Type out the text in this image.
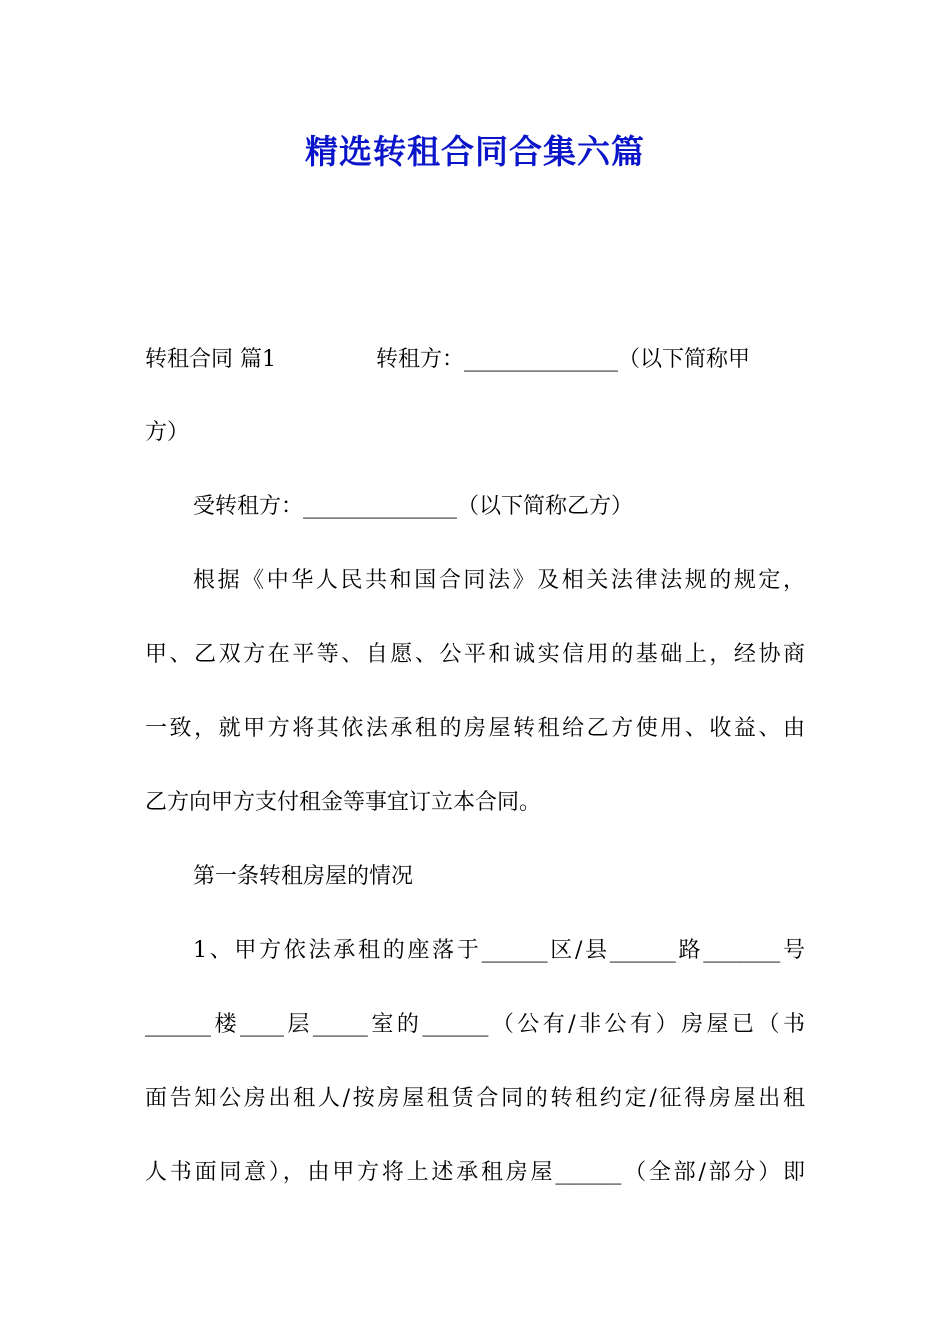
精选转租合同合集六篇
转租合同 篇1	转租方：______________（以下简称甲
方）
受转租方：______________（以下简称乙方）
根据《中华人民共和国合同法》及相关法律法规的规定，
甲、乙双方在平等、自愿、公平和诚实信用的基础上，经协商
一致，就甲方将其依法承租的房屋转租给乙方使用、收益、由
乙方向甲方支付租金等事宜订立本合同。
第一条转租房屋的情况
1、甲方依法承租的座落于______区/县______路_______号
______楼____层_____室的______（公有/非公有）房屋已（书
面告知公房出租人/按房屋租赁合同的转租约定/征得房屋出租
人书面同意），由甲方将上述承租房屋______（全部/部分）即
